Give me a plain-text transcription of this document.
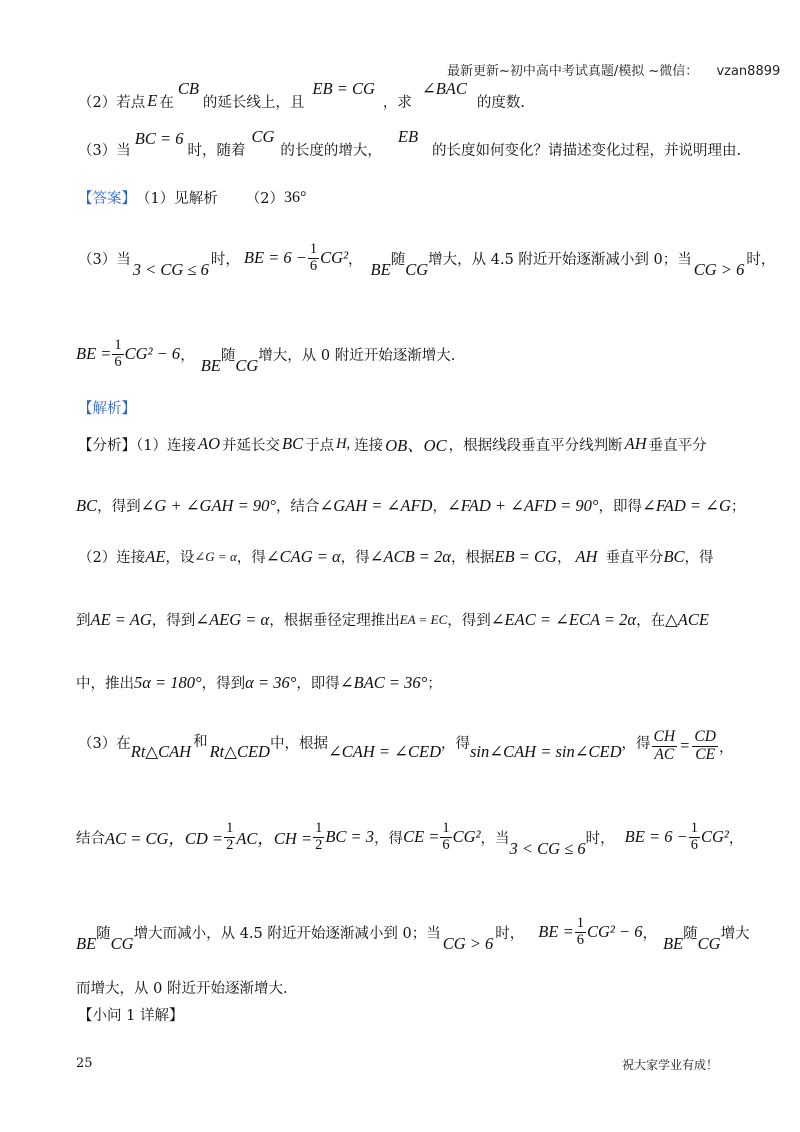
最新更新~初中高中考试真题/模拟 ~微信： vzan8899
（2）若点 E 在
CB
的延长线上，且
EB = CG
，求
∠BAC
的度数.
（3）当
BC = 6
时，随着
CG
的长度的增大，
EB
的长度如何变化？请描述变化过程，并说明理由.
【答案】 （1）见解析 （2） 36°
（3）当
3 < CG ≤ 6
时， BE = $6 - \frac{1}{6} CG^2$ ，
BE
随
CG
增大，从 4.5 附近开始逐渐减小到 0；当
CG > 6
时，
BE = $\frac{1}{6} CG^2 - 6$ ，
BE
随
CG
增大，从 0 附近开始逐渐增大.
【解析】
【分析】（1）连接 AO 并延长交 BC 于点 H, 连接 OB、OC ，根据线段垂直平分线判断 AH 垂直平分
BC ，得到 ∠G + ∠GAH = 90° ，结合 ∠GAH = ∠AFD ， ∠FAD + ∠AFD = 90° ，即得 ∠FAD = ∠G ；
（2）连接 AE ，设 ∠G = α ，得 ∠CAG = α ，得 ∠ACB = 2α ，根据 EB = CG ， AH 垂直平分 BC ，得
到 AE = AG ，得到 ∠AEG = α ，根据垂径定理推出 EA = EC ，得到 ∠EAC = ∠ECA = 2α ，在 △ACE
中，推出 5α = 180° ，得到 α = 36° ，即得 ∠BAC = 36° ；
（3）在 Rt△CAH
和
Rt△CED 中，根据 ∠CAH = ∠CED ，得 sin∠CAH = sin∠CED ，得 $\frac{CH}{AC} = \frac{CD}{CE}$ ，
结合 AC = CG，CD = $\frac{1}{2}$ AC，CH = $\frac{1}{2}$ BC = 3 ，得 CE = $\frac{1}{6} CG^2$ ，当
3 < CG ≤ 6
时， BE = $6 - \frac{1}{6} CG^2$ ，
BE
随
CG
增大而减小，从 4.5 附近开始逐渐减小到 0；当
CG > 6
时， BE = $\frac{1}{6} CG^2 - 6$ ，
BE
随
CG
增大
而增大，从 0 附近开始逐渐增大.
【小问 1 详解】
25	祝大家学业有成！
